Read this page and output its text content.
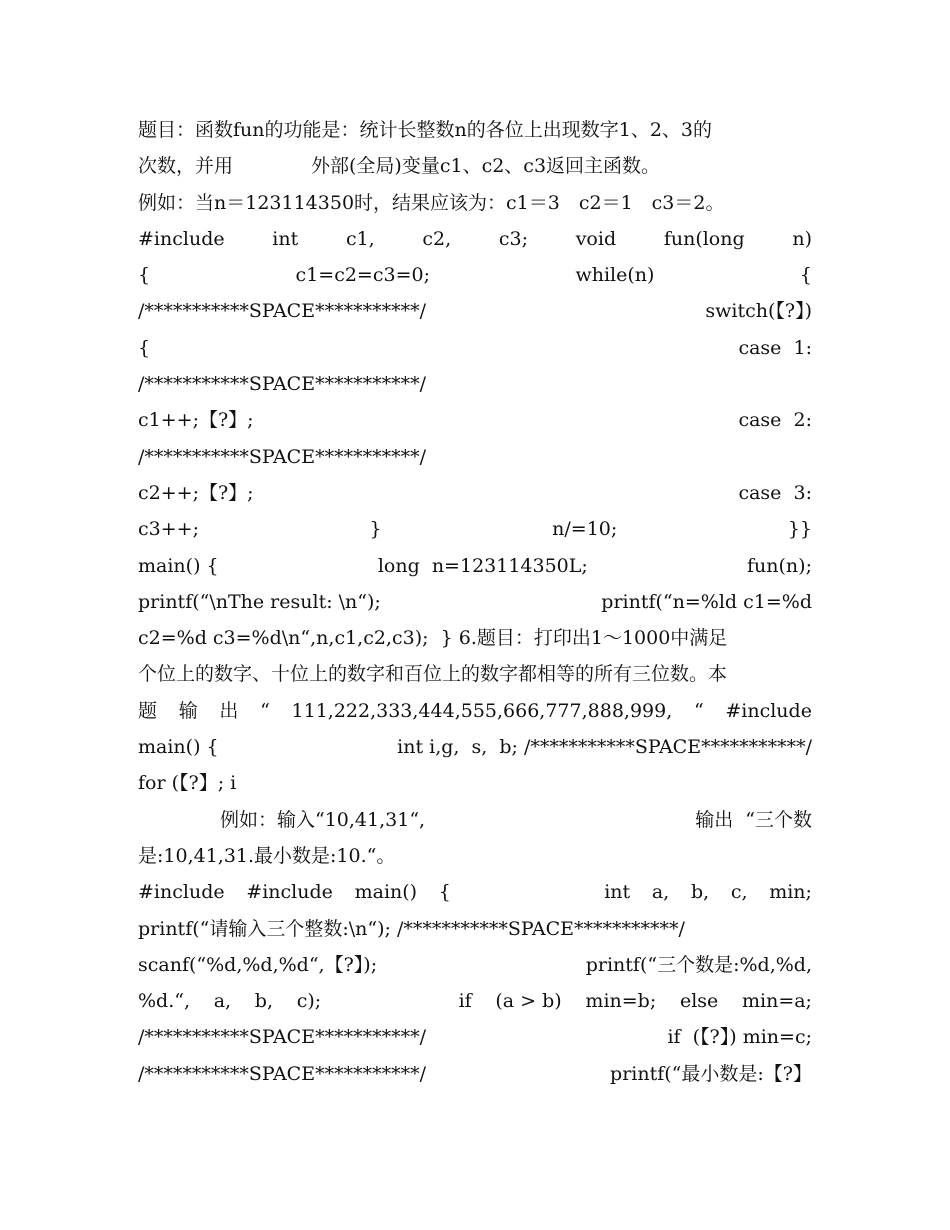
题目：函数fun的功能是：统计长整数n的各位上出现数字1、2、3的
次数，并用	外部(全局)变量c1、c2、c3返回主函数。
例如：当n＝123114350时，结果应该为：c1＝3　c2＝1　c3＝2。
#include	int	c1,	c2,	c3;	void	fun(long	n)
{	c1=c2=c3=0;	while(n)	{
/***********SPACE***********/	switch(【?】)
{	case  1:
/***********SPACE***********/
c1++;【?】;	case  2:
/***********SPACE***********/
c2++;【?】;	case  3:
c3++;	}	n/=10;	}}
main() {	long  n=123114350L;	fun(n);
printf(“\nThe result: \n“);	printf(“n=%ld c1=%d
c2=%d c3=%d\n“,n,c1,c2,c3);  } 6.题目：打印出1～1000中满足
个位上的数字、十位上的数字和百位上的数字都相等的所有三位数。本
题 输 出 “ 111,222,333,444,555,666,777,888,999, “ #include
main() {	int i,g,  s,  b; /***********SPACE***********/
for (【?】; i
例如：输入“10,41,31“,	输出  “三个数
是:10,41,31.最小数是:10.“。
#include #include main() {	int a, b, c, min;
printf(“请输入三个整数:\n“); /***********SPACE***********/
scanf(“%d,%d,%d“,【?】);	printf(“三个数是:%d,%d,
%d.“, a, b, c);	if (a > b) min=b; else min=a;
/***********SPACE***********/	if  (【?】) min=c;
/***********SPACE***********/	printf(“最小数是:【?】
